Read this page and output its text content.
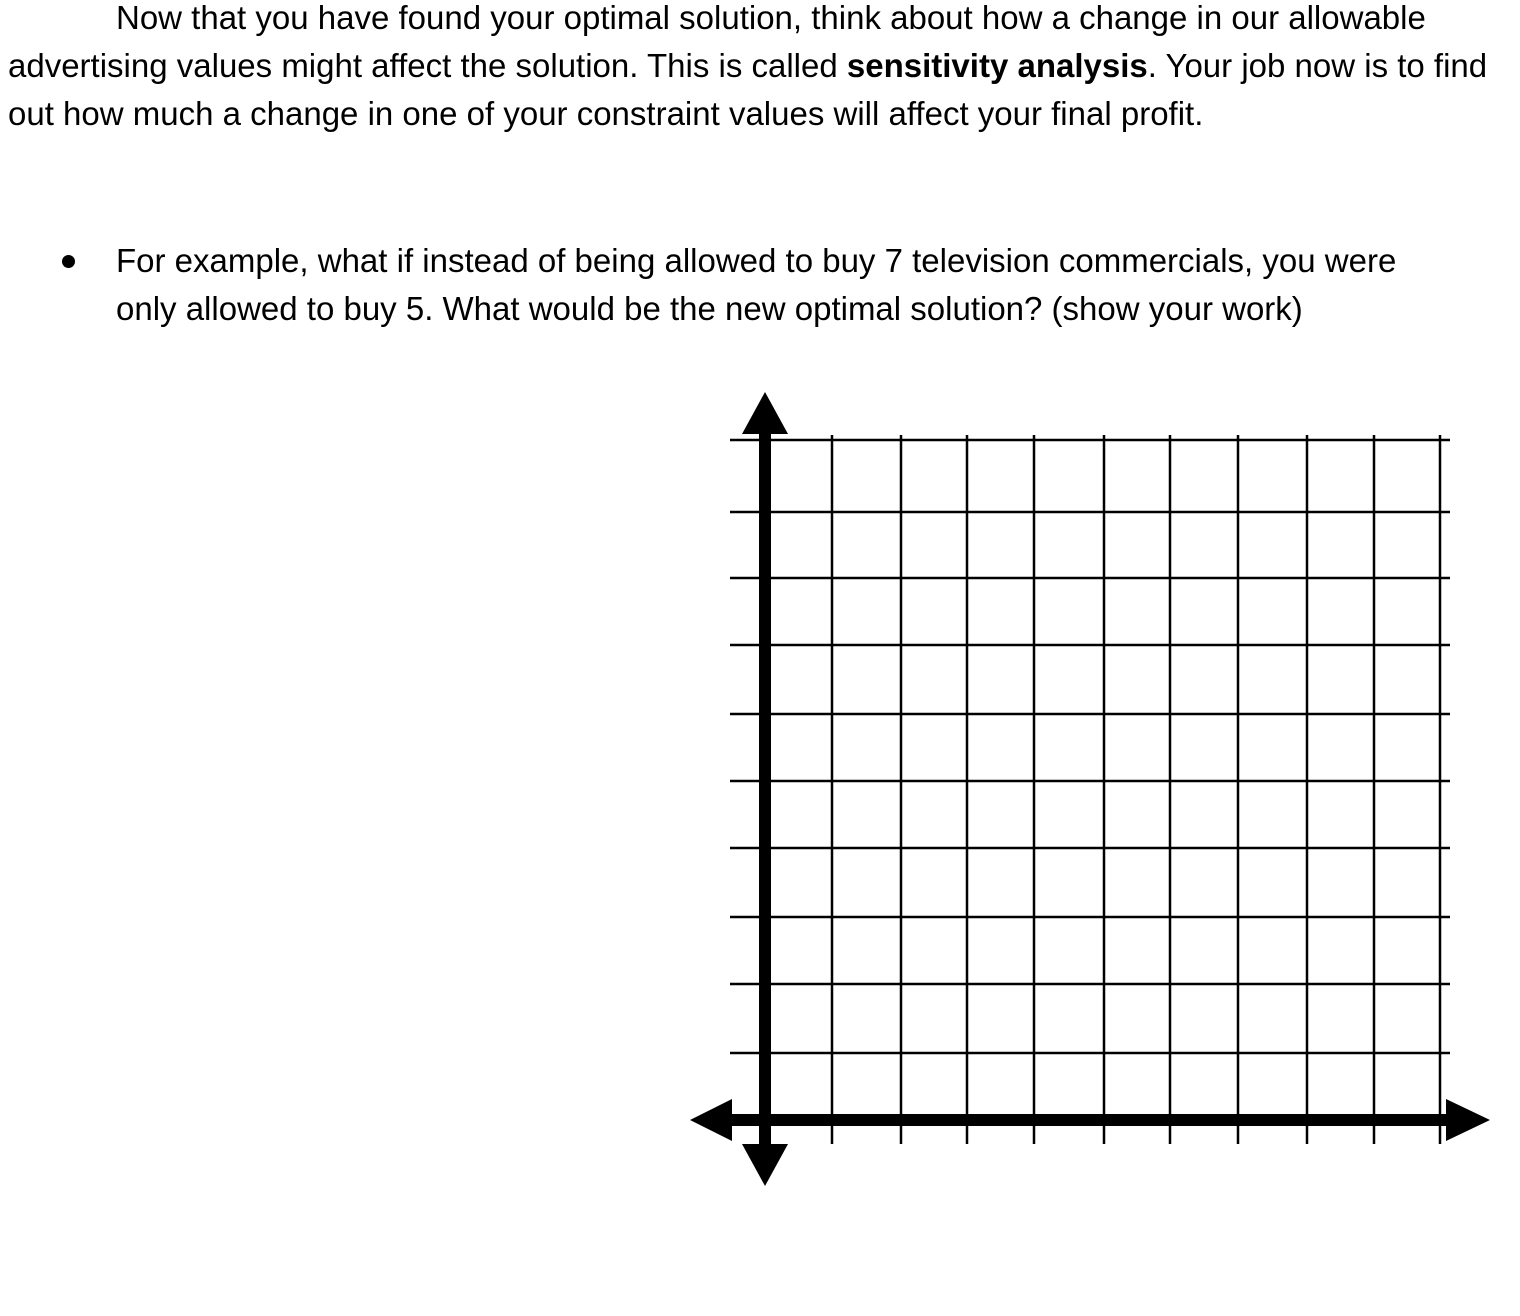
Now that you have found your optimal solution, think about how a change in our allowable advertising values might affect the solution. This is called sensitivity analysis. Your job now is to find out how much a change in one of your constraint values will affect your final profit.

For example, what if instead of being allowed to buy 7 television commercials, you were only allowed to buy 5. What would be the new optimal solution? (show your work)
